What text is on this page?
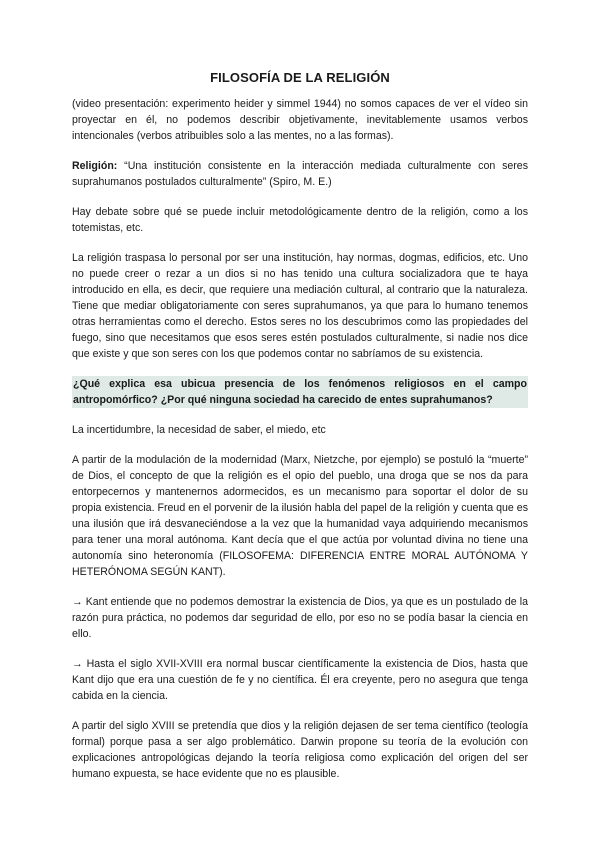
FILOSOFÍA DE LA RELIGIÓN

(video presentación: experimento heider y simmel 1944) no somos capaces de ver el vídeo sin proyectar en él, no podemos describir objetivamente, inevitablemente usamos verbos intencionales (verbos atribuibles solo a las mentes, no a las formas).

Religión: “Una institución consistente en la interacción mediada culturalmente con seres suprahumanos postulados culturalmente” (Spiro, M. E.)

Hay debate sobre qué se puede incluir metodológicamente dentro de la religión, como a los totemistas, etc.

La religión traspasa lo personal por ser una institución, hay normas, dogmas, edificios, etc. Uno no puede creer o rezar a un dios si no has tenido una cultura socializadora que te haya introducido en ella, es decir, que requiere una mediación cultural, al contrario que la naturaleza. Tiene que mediar obligatoriamente con seres suprahumanos, ya que para lo humano tenemos otras herramientas como el derecho. Estos seres no los descubrimos como las propiedades del fuego, sino que necesitamos que esos seres estén postulados culturalmente, si nadie nos dice que existe y que son seres con los que podemos contar no sabríamos de su existencia.

¿Qué explica esa ubicua presencia de los fenómenos religiosos en el campo antropomórfico? ¿Por qué ninguna sociedad ha carecido de entes suprahumanos?

La incertidumbre, la necesidad de saber, el miedo, etc

A partir de la modulación de la modernidad (Marx, Nietzche, por ejemplo) se postuló la “muerte” de Dios, el concepto de que la religión es el opio del pueblo, una droga que se nos da para entorpecernos y mantenernos adormecidos, es un mecanismo para soportar el dolor de su propia existencia. Freud en el porvenir de la ilusión habla del papel de la religión y cuenta que es una ilusión que irá desvaneciéndose a la vez que la humanidad vaya adquiriendo mecanismos para tener una moral autónoma. Kant decía que el que actúa por voluntad divina no tiene una autonomía sino heteronomía (FILOSOFEMA: DIFERENCIA ENTRE MORAL AUTÓNOMA Y HETERÓNOMA SEGÚN KANT).

→ Kant entiende que no podemos demostrar la existencia de Dios, ya que es un postulado de la razón pura práctica, no podemos dar seguridad de ello, por eso no se podía basar la ciencia en ello.

→ Hasta el siglo XVII-XVIII era normal buscar científicamente la existencia de Dios, hasta que Kant dijo que era una cuestión de fe y no científica. Él era creyente, pero no asegura que tenga cabida en la ciencia.

A partir del siglo XVIII se pretendía que dios y la religión dejasen de ser tema científico (teología formal) porque pasa a ser algo problemático. Darwin propone su teoría de la evolución con explicaciones antropológicas dejando la teoría religiosa como explicación del origen del ser humano expuesta, se hace evidente que no es plausible.
